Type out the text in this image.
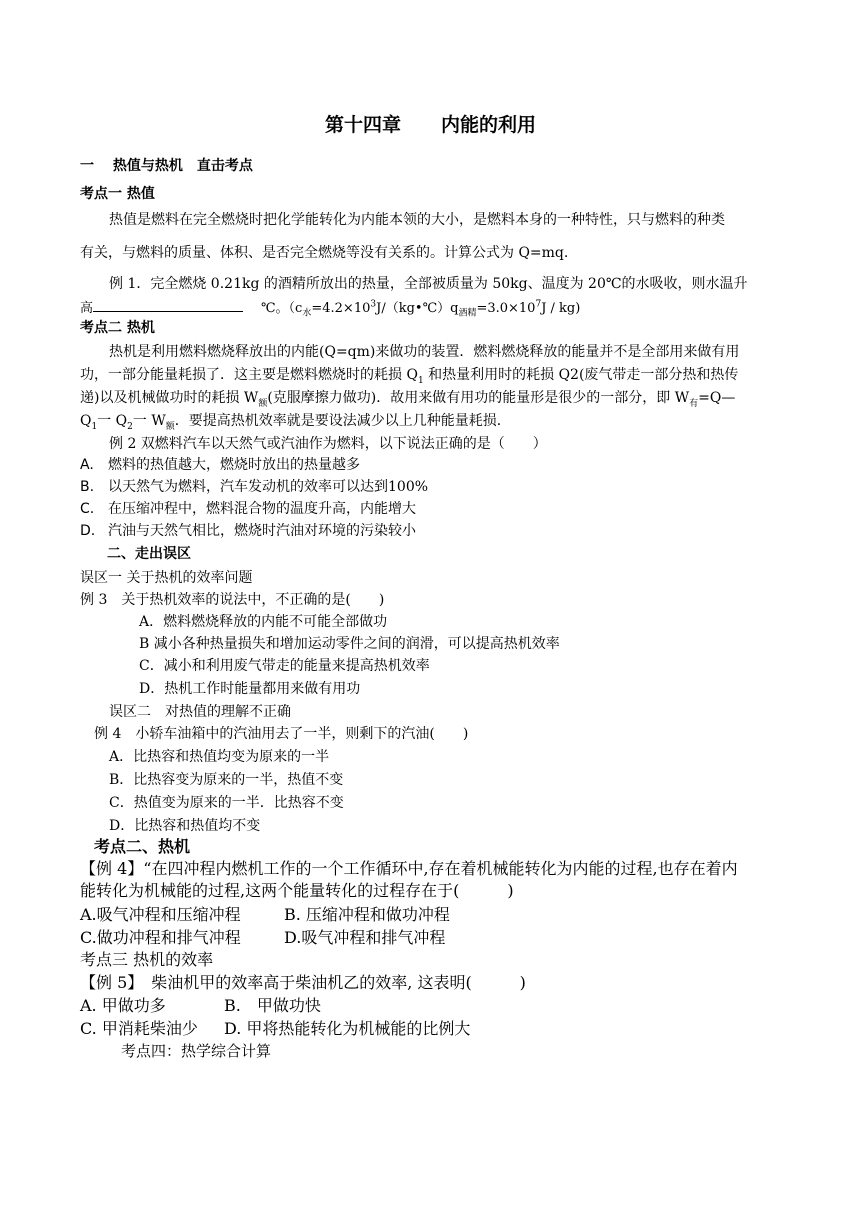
第十四章 内能的利用
一　 热值与热机　直击考点
考点一 热值
热值是燃料在完全燃烧时把化学能转化为内能本领的大小，是燃料本身的一种特性，只与燃料的种类
有关，与燃料的质量、体积、是否完全燃烧等没有关系的。计算公式为 Q=mq.
例 1．完全燃烧 0.21kg 的酒精所放出的热量，全部被质量为 50kg、温度为 20℃的水吸收，则水温升
高	℃。$(c_水=4.2\times 10^3J/(kg•℃)q_{酒精}=3.0\times 10^7J / kg)$
考点二 热机
热机是利用燃料燃烧释放出的内能(Q=qm)来做功的装置．燃料燃烧释放的能量并不是全部用来做有用
功，一部分能量耗损了．这主要是燃料燃烧时的耗损 $Q_1$ 和热量利用时的耗损 Q2(废气带走一部分热和热传
递)以及机械做功时的耗损 $W_额$(克服摩擦力做功)．故用来做有用功的能量形是很少的一部分，即 $W_有=Q—$
$Q_1$一 $Q_2$一 $W_额$．要提高热机效率就是要设法减少以上几种能量耗损．
例 2 双燃料汽车以天然气或汽油作为燃料，以下说法正确的是（　　）
A. 燃料的热值越大，燃烧时放出的热量越多
B. 以天然气为燃料，汽车发动机的效率可以达到100%
C. 在压缩冲程中，燃料混合物的温度升高，内能增大
D. 汽油与天然气相比，燃烧时汽油对环境的污染较小
二、走出误区
误区一 关于热机的效率问题
例 3　关于热机效率的说法中，不正确的是(　　)
A．燃料燃烧释放的内能不可能全部做功
B 减小各种热量损失和增加运动零件之间的润滑，可以提高热机效率
C．减小和利用废气带走的能量来提高热机效率
D．热机工作时能量都用来做有用功
误区二　对热值的理解不正确
例 4　小轿车油箱中的汽油用去了一半，则剩下的汽油(　　)
A．比热容和热值均变为原来的一半
B．比热容变为原来的一半，热值不变
C．热值变为原来的一半．比热容不变
D．比热容和热值均不变
考点二、热机
【例 4】“在四冲程内燃机工作的一个工作循环中,存在着机械能转化为内能的过程,也存在着内
能转化为机械能的过程,这两个能量转化的过程存在于(　　　)
A.吸气冲程和压缩冲程	B. 压缩冲程和做功冲程
C.做功冲程和排气冲程	D.吸气冲程和排气冲程
考点三 热机的效率
【例 5】　柴油机甲的效率高于柴油机乙的效率, 这表明(　　　)
A. 甲做功多	B.　甲做功快
C. 甲消耗柴油少 D. 甲将热能转化为机械能的比例大
考点四：热学综合计算
